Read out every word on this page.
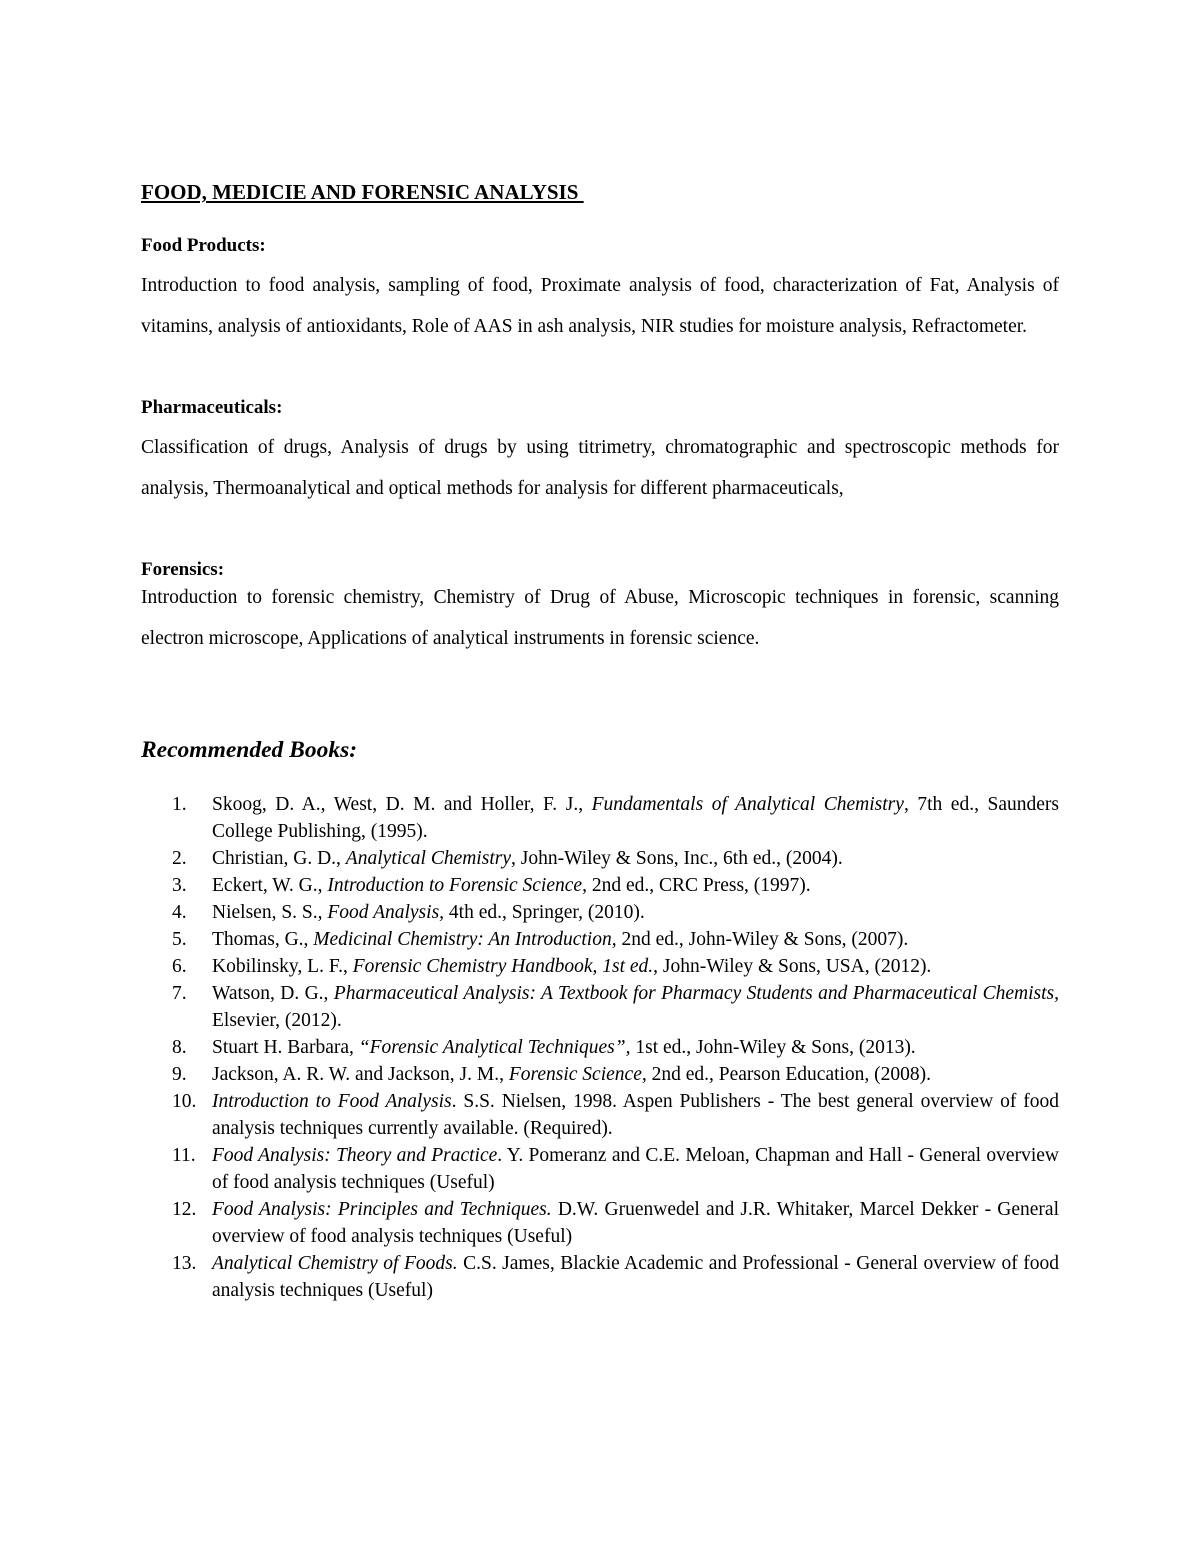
FOOD, MEDICIE AND FORENSIC ANALYSIS
Food Products:

Introduction to food analysis, sampling of food, Proximate analysis of food, characterization of Fat, Analysis of vitamins, analysis of antioxidants, Role of AAS in ash analysis, NIR studies for moisture analysis, Refractometer.

Pharmaceuticals:

Classification of drugs, Analysis of drugs by using titrimetry, chromatographic and spectroscopic methods for analysis, Thermoanalytical and optical methods for analysis for different pharmaceuticals,

Forensics:

Introduction to forensic chemistry, Chemistry of Drug of Abuse, Microscopic techniques in forensic, scanning electron microscope, Applications of analytical instruments in forensic science.

Recommended Books:
1.	Skoog, D. A., West, D. M. and Holler, F. J., Fundamentals of Analytical Chemistry, 7th ed., Saunders College Publishing, (1995).
2.	Christian, G. D., Analytical Chemistry, John-Wiley & Sons, Inc., 6th ed., (2004).
3.	Eckert, W. G., Introduction to Forensic Science, 2nd ed., CRC Press, (1997).
4.	Nielsen, S. S., Food Analysis, 4th ed., Springer, (2010).
5.	Thomas, G., Medicinal Chemistry: An Introduction, 2nd ed., John-Wiley & Sons, (2007).
6.	Kobilinsky, L. F., Forensic Chemistry Handbook, 1st ed., John-Wiley & Sons, USA, (2012).
7.	Watson, D. G., Pharmaceutical Analysis: A Textbook for Pharmacy Students and Pharmaceutical Chemists, Elsevier, (2012).
8.	Stuart H. Barbara, “Forensic Analytical Techniques”, 1st ed., John-Wiley & Sons, (2013).
9.	Jackson, A. R. W. and Jackson, J. M., Forensic Science, 2nd ed., Pearson Education, (2008).
10. Introduction to Food Analysis. S.S. Nielsen, 1998. Aspen Publishers - The best general overview of food analysis techniques currently available. (Required).
11. Food Analysis: Theory and Practice. Y. Pomeranz and C.E. Meloan, Chapman and Hall - General overview of food analysis techniques (Useful)
12. Food Analysis: Principles and Techniques. D.W. Gruenwedel and J.R. Whitaker, Marcel Dekker - General overview of food analysis techniques (Useful)
13. Analytical Chemistry of Foods. C.S. James, Blackie Academic and Professional - General overview of food analysis techniques (Useful)
